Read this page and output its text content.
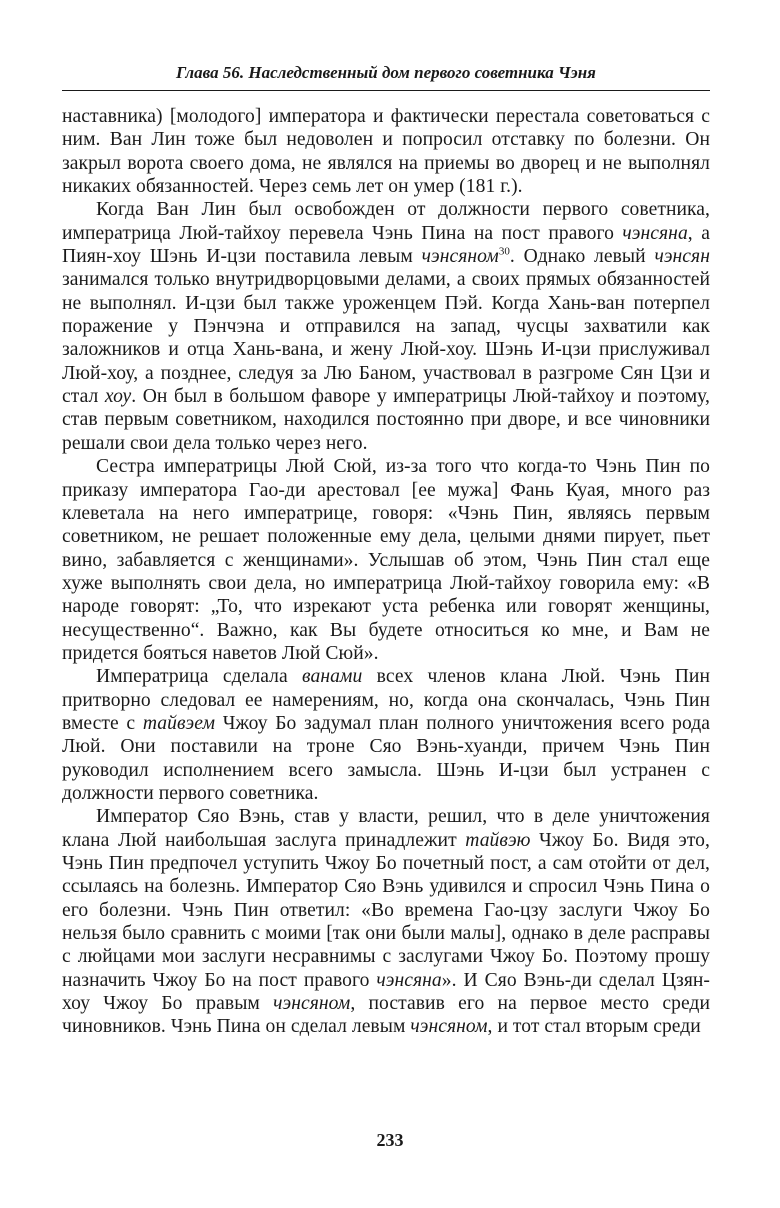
Глава 56. Наследственный дом первого советника Чэня

наставника) [молодого] императора и фактически перестала советоваться с ним. Ван Лин тоже был недоволен и попросил отставку по болезни. Он закрыл ворота своего дома, не являлся на приемы во дворец и не выполнял никаких обязанностей. Через семь лет он умер (181 г.).

Когда Ван Лин был освобожден от должности первого советника, императрица Люй-тайхоу перевела Чэнь Пина на пост правого чэнсяна, а Пиян-хоу Шэнь И-цзи поставила левым чэнсяном$^{30}$. Однако левый чэнсян занимался только внутридворцовыми делами, а своих прямых обязанностей не выполнял. И-цзи был также уроженцем Пэй. Когда Хань-ван потерпел поражение у Пэнчэна и отправился на запад, чусцы захватили как заложников и отца Хань-вана, и жену Люй-хоу. Шэнь И-цзи прислуживал Люй-хоу, а позднее, следуя за Лю Баном, участвовал в разгроме Сян Цзи и стал хоу. Он был в большом фаворе у императрицы Люй-тайхоу и поэтому, став первым советником, находился постоянно при дворе, и все чиновники решали свои дела только через него.

Сестра императрицы Люй Сюй, из-за того что когда-то Чэнь Пин по приказу императора Гао-ди арестовал [ее мужа] Фань Куая, много раз клеветала на него императрице, говоря: «Чэнь Пин, являясь первым советником, не решает положенные ему дела, целыми днями пирует, пьет вино, забавляется с женщинами». Услышав об этом, Чэнь Пин стал еще хуже выполнять свои дела, но императрица Люй-тайхоу говорила ему: «В народе говорят: „То, что изрекают уста ребенка или говорят женщины, несущественно“. Важно, как Вы будете относиться ко мне, и Вам не придется бояться наветов Люй Сюй».

Императрица сделала ванами всех членов клана Люй. Чэнь Пин притворно следовал ее намерениям, но, когда она скончалась, Чэнь Пин вместе с тайвэем Чжоу Бо задумал план полного уничтожения всего рода Люй. Они поставили на троне Сяо Вэнь-хуанди, причем Чэнь Пин руководил исполнением всего замысла. Шэнь И-цзи был устранен с должности первого советника.

Император Сяо Вэнь, став у власти, решил, что в деле уничтожения клана Люй наибольшая заслуга принадлежит тайвэю Чжоу Бо. Видя это, Чэнь Пин предпочел уступить Чжоу Бо почетный пост, а сам отойти от дел, ссылаясь на болезнь. Император Сяо Вэнь удивился и спросил Чэнь Пина о его болезни. Чэнь Пин ответил: «Во времена Гао-цзу заслуги Чжоу Бо нельзя было сравнить с моими [так они были малы], однако в деле расправы с люйцами мои заслуги несравнимы с заслугами Чжоу Бо. Поэтому прошу назначить Чжоу Бо на пост правого чэнсяна». И Сяо Вэнь-ди сделал Цзян-хоу Чжоу Бо правым чэнсяном, поставив его на первое место среди чиновников. Чэнь Пина он сделал левым чэнсяном, и тот стал вторым среди

233
